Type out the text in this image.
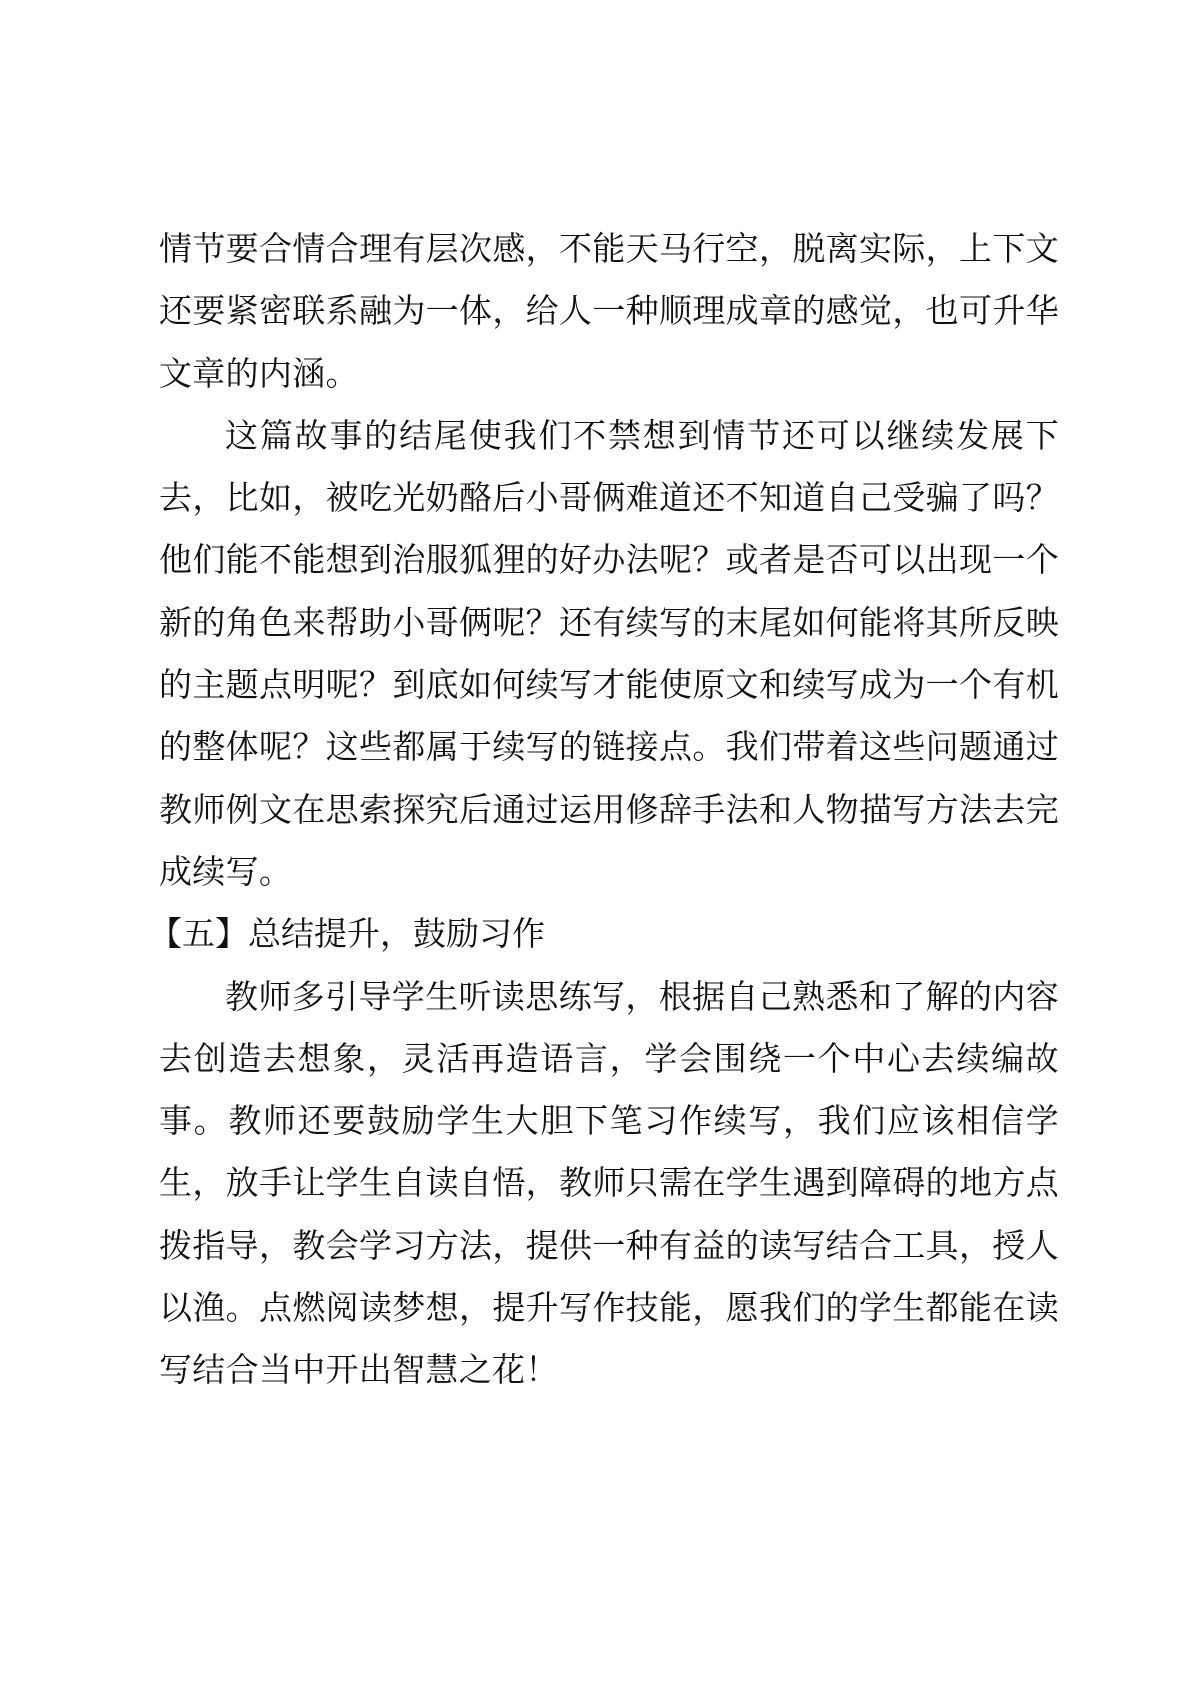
情节要合情合理有层次感，不能天马行空，脱离实际，上下文还要紧密联系融为一体，给人一种顺理成章的感觉，也可升华文章的内涵。

这篇故事的结尾使我们不禁想到情节还可以继续发展下去，比如，被吃光奶酪后小哥俩难道还不知道自己受骗了吗？他们能不能想到治服狐狸的好办法呢？或者是否可以出现一个新的角色来帮助小哥俩呢？还有续写的末尾如何能将其所反映的主题点明呢？到底如何续写才能使原文和续写成为一个有机的整体呢？这些都属于续写的链接点。我们带着这些问题通过教师例文在思索探究后通过运用修辞手法和人物描写方法去完成续写。

【五】总结提升，鼓励习作

教师多引导学生听读思练写，根据自己熟悉和了解的内容去创造去想象，灵活再造语言，学会围绕一个中心去续编故事。教师还要鼓励学生大胆下笔习作续写，我们应该相信学生，放手让学生自读自悟，教师只需在学生遇到障碍的地方点拨指导，教会学习方法，提供一种有益的读写结合工具，授人以渔。点燃阅读梦想，提升写作技能，愿我们的学生都能在读写结合当中开出智慧之花！
